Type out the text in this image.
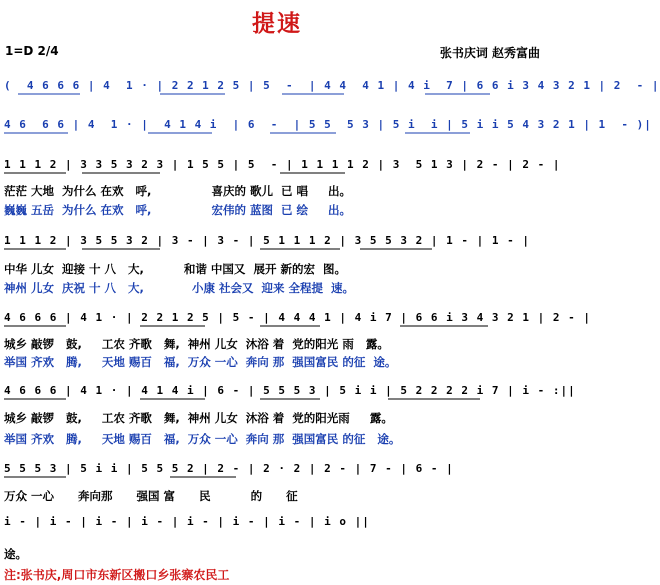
提速
1=D 2/4	张书庆词 赵秀富曲
(  4 6 6 6 | 4  1 · | 2 2 1 2 5 | 5  -  | 4 4  4 1 | 4 i  7 | 6 6 i 3 4 3 2 1 | 2  - |
4 6  6 6 | 4  1 · |  4 1 4 i  | 6  -  | 5 5  5 3 | 5 i  i | 5 i i 5 4 3 2 1 | 1  - )|
1 1 1 2 | 3 3 5 3 2 3 | 1 5 5 | 5  - | 1 1 1 1 2 | 3  5 1 3 | 2 - | 2 - |
1 1 1 2 | 3 5 5 3 2 | 3 - | 3 - | 5 1 1 1 2 | 3 5 5 3 2 | 1 - | 1 - |
4 6 6 6 | 4 1 · | 2 2 1 2 5 | 5 - | 4 4 4 1 | 4 i 7 | 6 6 i 3 4 3 2 1 | 2 - |
4 6 6 6 | 4 1 · | 4 1 4 i | 6 - | 5 5 5 3 | 5 i i | 5 2 2 2 2 i 7 | i - :||
5 5 5 3 | 5 i i | 5 5 5 2 | 2 - | 2 · 2 | 2 - | 7 - | 6 - |
i - | i - | i - | i - | i - | i - | i - | i o ||
茫茫 大地  为什么 在欢   呼,               喜庆的 歌儿  已 唱     出。
巍巍 五岳  为什么 在欢   呼,               宏伟的 蓝图  已 绘     出。
中华 儿女  迎接 十 八   大,          和谐 中国又  展开 新的宏  图。
神州 儿女  庆祝 十 八   大,            小康 社会又  迎来 全程提  速。
城乡 敲锣   鼓,     工农 齐歌   舞,  神州 儿女  沐浴 着  党的阳光 雨   露。
举国 齐欢   腾,     天地 赐百   福,  万众 一心  奔向 那  强国富民 的征  途。
城乡 敲锣   鼓,     工农 齐歌   舞,  神州 儿女  沐浴 着  党的阳光雨     露。
举国 齐欢   腾,     天地 赐百   福,  万众 一心  奔向 那  强国富民 的征   途。
万众 一心      奔向那      强国 富      民          的      征
途。
注:张书庆,周口市东新区搬口乡张寨农民工
